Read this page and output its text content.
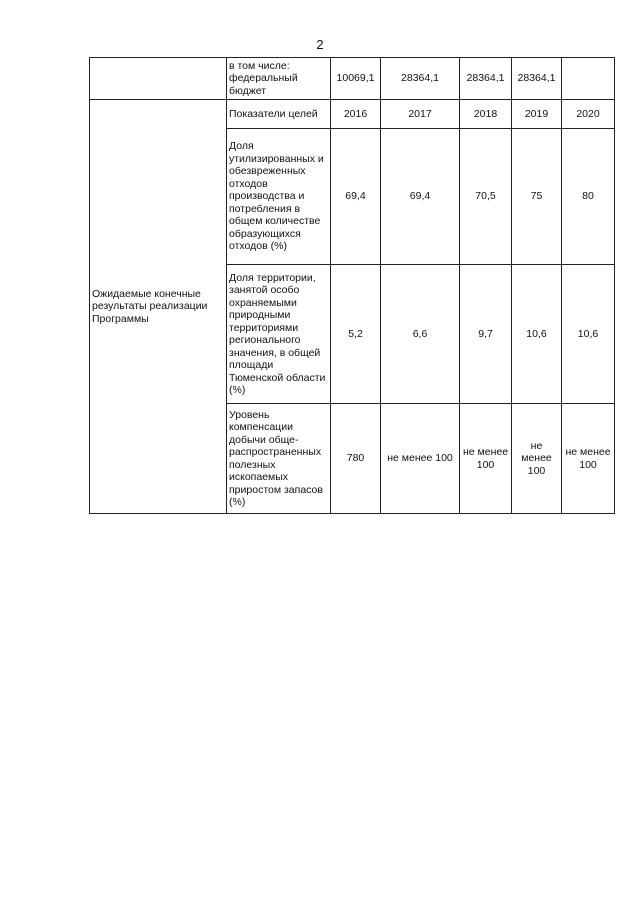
2
	в том числе: федеральный бюджет	10069,1	28364,1	28364,1	28364,1	
Ожидаемые конечные результаты реализации Программы	Показатели целей	2016	2017	2018	2019	2020
	Доля утилизированных и обезвреженных отходов производства и потребления в общем количестве образующихся отходов (%)	69,4	69,4	70,5	75	80
	Доля территории, занятой особо охраняемыми природными территориями регионального значения, в общей площади Тюменской области (%)	5,2	6,6	9,7	10,6	10,6
	Уровень компенсации добычи обще-распространенных полезных ископаемых приростом запасов (%)	780	не менее 100	не менее 100	не менее 100	не менее 100
